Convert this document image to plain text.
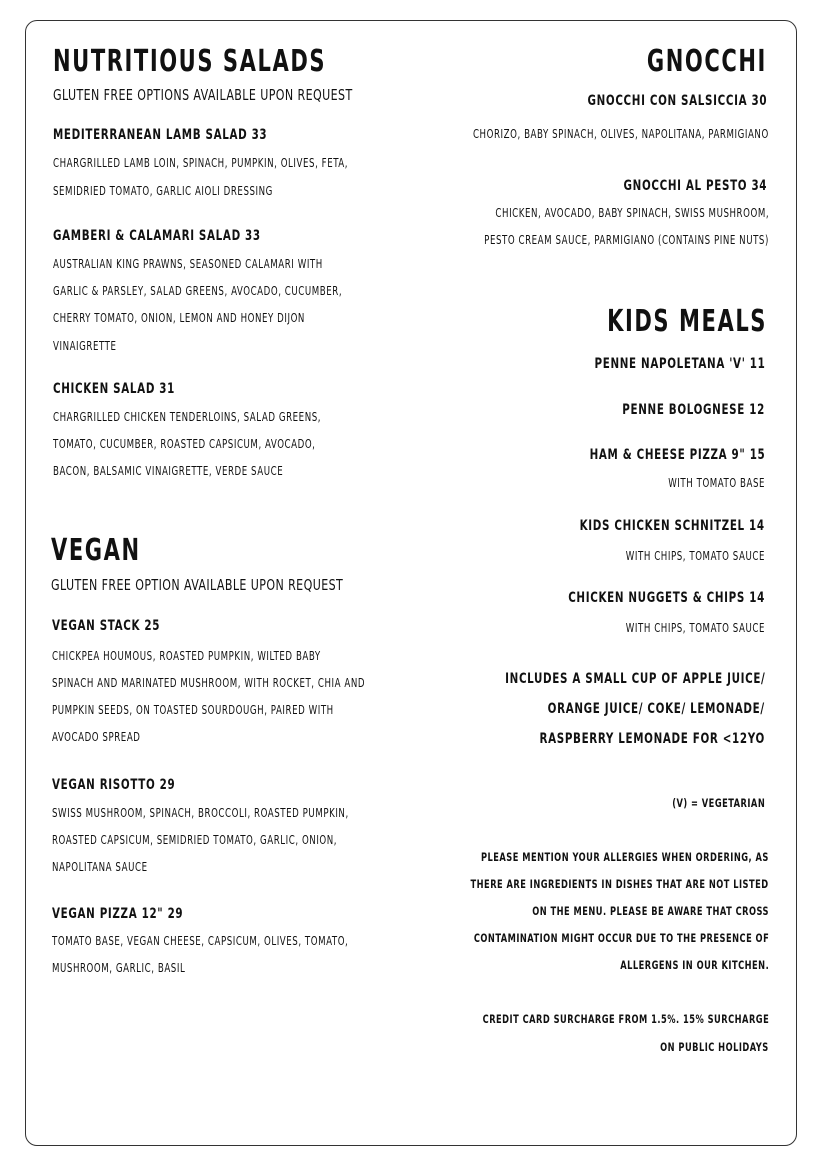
NUTRITIOUS SALADS
GLUTEN FREE OPTIONS AVAILABLE UPON REQUEST
MEDITERRANEAN LAMB SALAD 33
CHARGRILLED LAMB LOIN, SPINACH, PUMPKIN, OLIVES, FETA,
SEMIDRIED TOMATO, GARLIC AIOLI DRESSING
GAMBERI & CALAMARI SALAD 33
AUSTRALIAN KING PRAWNS, SEASONED CALAMARI WITH
GARLIC & PARSLEY, SALAD GREENS, AVOCADO, CUCUMBER,
CHERRY TOMATO, ONION, LEMON AND HONEY DIJON
VINAIGRETTE
CHICKEN SALAD 31
CHARGRILLED CHICKEN TENDERLOINS, SALAD GREENS,
TOMATO, CUCUMBER, ROASTED CAPSICUM, AVOCADO,
BACON, BALSAMIC VINAIGRETTE, VERDE SAUCE
VEGAN
GLUTEN FREE OPTION AVAILABLE UPON REQUEST
VEGAN STACK 25
CHICKPEA HOUMOUS, ROASTED PUMPKIN, WILTED BABY
SPINACH AND MARINATED MUSHROOM, WITH ROCKET, CHIA AND
PUMPKIN SEEDS, ON TOASTED SOURDOUGH, PAIRED WITH
AVOCADO SPREAD
VEGAN RISOTTO 29
SWISS MUSHROOM, SPINACH, BROCCOLI, ROASTED PUMPKIN,
ROASTED CAPSICUM, SEMIDRIED TOMATO, GARLIC, ONION,
NAPOLITANA SAUCE
VEGAN PIZZA 12" 29
TOMATO BASE, VEGAN CHEESE, CAPSICUM, OLIVES, TOMATO,
MUSHROOM, GARLIC, BASIL
GNOCCHI
GNOCCHI CON SALSICCIA 30
CHORIZO, BABY SPINACH, OLIVES, NAPOLITANA, PARMIGIANO
GNOCCHI AL PESTO 34
CHICKEN, AVOCADO, BABY SPINACH, SWISS MUSHROOM,
PESTO CREAM SAUCE, PARMIGIANO (CONTAINS PINE NUTS)
KIDS MEALS
PENNE NAPOLETANA 'V' 11
PENNE BOLOGNESE 12
HAM & CHEESE PIZZA 9" 15
WITH TOMATO BASE
KIDS CHICKEN SCHNITZEL 14
WITH CHIPS, TOMATO SAUCE
CHICKEN NUGGETS & CHIPS 14
WITH CHIPS, TOMATO SAUCE
INCLUDES A SMALL CUP OF APPLE JUICE/
ORANGE JUICE/ COKE/ LEMONADE/
RASPBERRY LEMONADE FOR <12YO
(V) = VEGETARIAN
PLEASE MENTION YOUR ALLERGIES WHEN ORDERING, AS
THERE ARE INGREDIENTS IN DISHES THAT ARE NOT LISTED
ON THE MENU. PLEASE BE AWARE THAT CROSS
CONTAMINATION MIGHT OCCUR DUE TO THE PRESENCE OF
ALLERGENS IN OUR KITCHEN.
CREDIT CARD SURCHARGE FROM 1.5%. 15% SURCHARGE
ON PUBLIC HOLIDAYS
